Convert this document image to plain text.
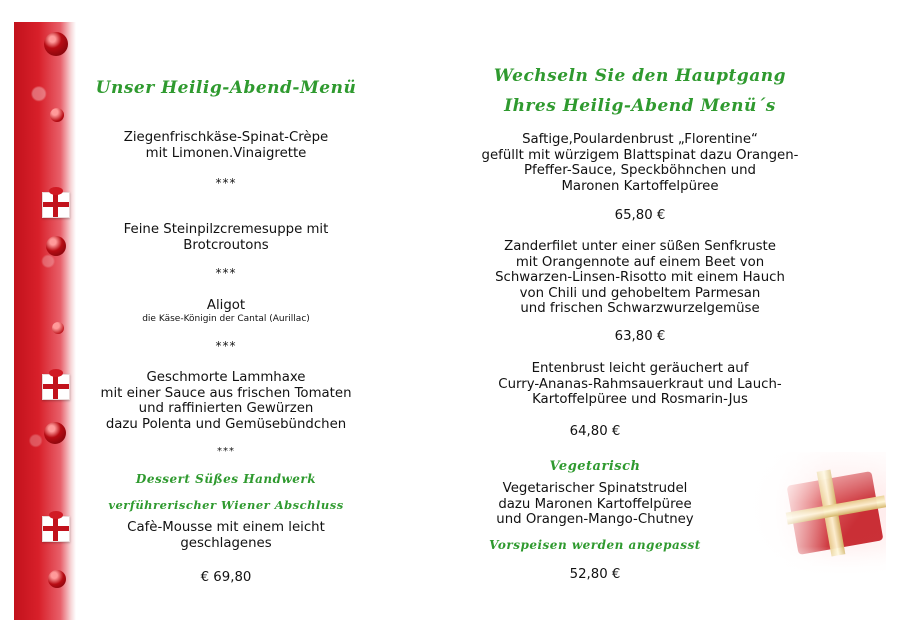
Unser Heilig-Abend-Menü
Ziegenfrischkäse-Spinat-Crèpe
mit Limonen.Vinaigrette
***
Feine Steinpilzcremesuppe mit
Brotcroutons
***
Aligot
die Käse-Königin der Cantal (Aurillac)
***
Geschmorte Lammhaxe
mit einer Sauce aus frischen Tomaten
und raffinierten Gewürzen
dazu Polenta und Gemüsebündchen
***
Dessert Süßes Handwerk
verführerischer Wiener Abschluss
Cafè-Mousse mit einem leicht
geschlagenes
€ 69,80
Wechseln Sie den Hauptgang
Ihres Heilig-Abend Menü´s
Saftige,Poulardenbrust „Florentine“
gefüllt mit würzigem Blattspinat dazu Orangen-
Pfeffer-Sauce, Speckböhnchen und
Maronen Kartoffelpüree
65,80 €
Zanderfilet unter einer süßen Senfkruste
mit Orangennote auf einem Beet von
Schwarzen-Linsen-Risotto mit einem Hauch
von Chili und gehobeltem Parmesan
und frischen Schwarzwurzelgemüse
63,80 €
Entenbrust leicht geräuchert auf
Curry-Ananas-Rahmsauerkraut und Lauch-
Kartoffelpüree und Rosmarin-Jus
64,80 €
Vegetarisch
Vegetarischer Spinatstrudel
dazu Maronen Kartoffelpüree
und Orangen-Mango-Chutney
Vorspeisen werden angepasst
52,80 €
